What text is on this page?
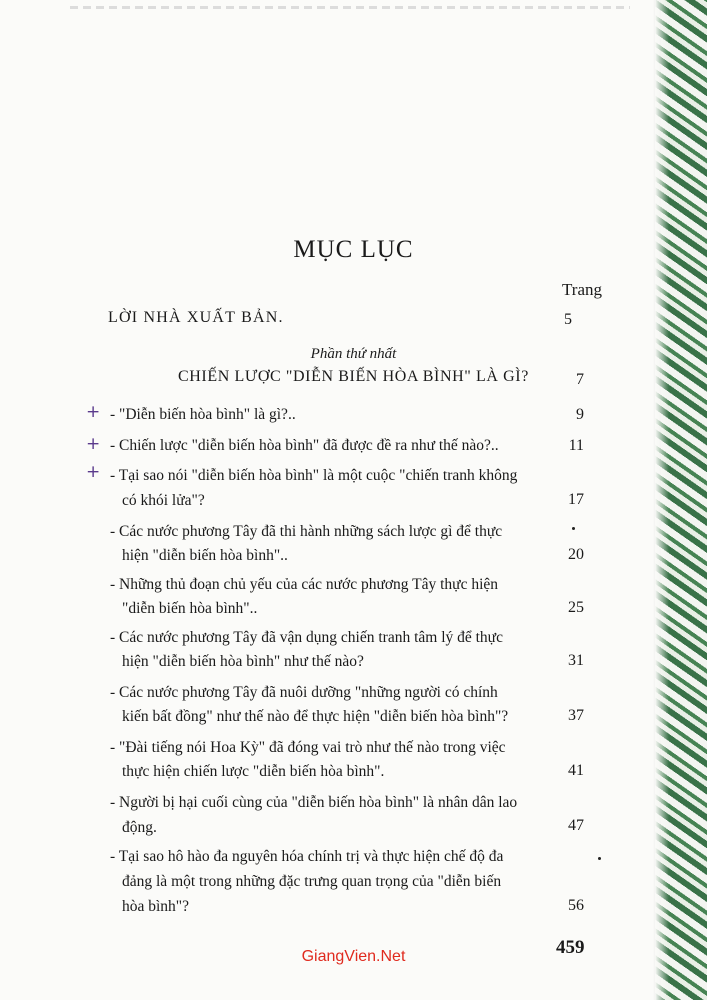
MỤC LỤC
Trang
LỜI NHÀ XUẤT BẢN.	5
Phần thứ nhất
CHIẾN LƯỢC "DIỄN BIẾN HÒA BÌNH" LÀ GÌ?	7
+ - "Diễn biến hòa bình" là gì?..	9
+ - Chiến lược "diễn biến hòa bình" đã được đề ra như thế nào?..	11
+ - Tại sao nói "diễn biến hòa bình" là một cuộc "chiến tranh không
có khói lửa"?	17
- Các nước phương Tây đã thi hành những sách lược gì để thực
hiện "diễn biến hòa bình"..	20
- Những thủ đoạn chủ yếu của các nước phương Tây thực hiện
"diễn biến hòa bình"..	25
- Các nước phương Tây đã vận dụng chiến tranh tâm lý để thực
hiện "diễn biến hòa bình" như thế nào?	31
- Các nước phương Tây đã nuôi dưỡng "những người có chính
kiến bất đồng" như thế nào để thực hiện "diễn biến hòa bình"?	37
- "Đài tiếng nói Hoa Kỳ" đã đóng vai trò như thế nào trong việc
thực hiện chiến lược "diễn biến hòa bình".	41
- Người bị hại cuối cùng của "diễn biến hòa bình" là nhân dân lao
động.	47
- Tại sao hô hào đa nguyên hóa chính trị và thực hiện chế độ đa
đảng là một trong những đặc trưng quan trọng của "diễn biến
hòa bình"?	56
459
GiangVien.Net
